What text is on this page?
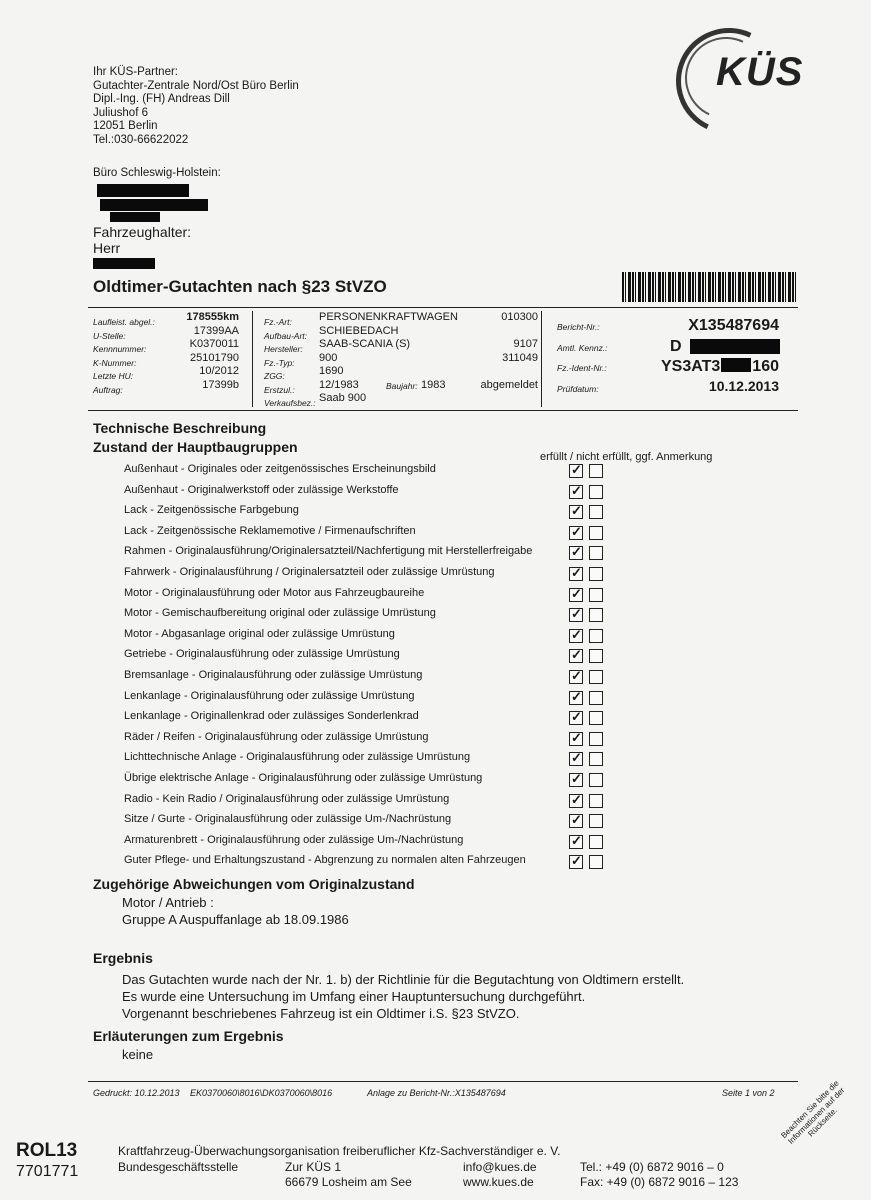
Ihr KÜS-Partner:
Gutachter-Zentrale Nord/Ost Büro Berlin
Dipl.-Ing. (FH) Andreas Dill
Juliushof 6
12051 Berlin
Tel.:030-66622022
KÜS
Büro Schleswig-Holstein:
Fahrzeughalter:
Herr
Oldtimer-Gutachten nach §23 StVZO
Laufleist. abgel.:	178555km
U-Stelle:	17399AA
Kennnummer:	K0370011
K-Nummer:	25101790
Letzte HU:	10/2012
Auftrag:	17399b
Fz.-Art: PERSONENKRAFTWAGEN	010300
Aufbau-Art: SCHIEBEDACH
Hersteller: SAAB-SCANIA (S)	9107
Fz.-Typ: 900	311049
ZGG:	1690
Erstzul.: 12/1983	Baujahr: 1983	abgemeldet
Verkaufsbez.: Saab 900
Bericht-Nr.:	X135487694
Amtl. Kennz.:	D
Fz.-Ident-Nr.:	YS3AT3 160
Prüfdatum:	10.12.2013
Technische Beschreibung
Zustand der Hauptbaugruppen
erfüllt / nicht erfüllt, ggf. Anmerkung
Außenhaut - Originales oder zeitgenössisches Erscheinungsbild
✓
Außenhaut - Originalwerkstoff oder zulässige Werkstoffe
✓
Lack - Zeitgenössische Farbgebung
✓
Lack - Zeitgenössische Reklamemotive / Firmenaufschriften
✓
Rahmen - Originalausführung/Originalersatzteil/Nachfertigung mit Herstellerfreigabe
✓
Fahrwerk - Originalausführung / Originalersatzteil oder zulässige Umrüstung
✓
Motor - Originalausführung oder Motor aus Fahrzeugbaureihe
✓
Motor - Gemischaufbereitung original oder zulässige Umrüstung
✓
Motor - Abgasanlage original oder zulässige Umrüstung
✓
Getriebe - Originalausführung oder zulässige Umrüstung
✓
Bremsanlage - Originalausführung oder zulässige Umrüstung
✓
Lenkanlage - Originalausführung oder zulässige Umrüstung
✓
Lenkanlage - Originallenkrad oder zulässiges Sonderlenkrad
✓
Räder / Reifen - Originalausführung oder zulässige Umrüstung
✓
Lichttechnische Anlage - Originalausführung oder zulässige Umrüstung
✓
Übrige elektrische Anlage - Originalausführung oder zulässige Umrüstung
✓
Radio - Kein Radio / Originalausführung oder zulässige Umrüstung
✓
Sitze / Gurte - Originalausführung oder zulässige Um-/Nachrüstung
✓
Armaturenbrett - Originalausführung oder zulässige Um-/Nachrüstung
✓
Guter Pflege- und Erhaltungszustand - Abgrenzung zu normalen alten Fahrzeugen
✓
Zugehörige Abweichungen vom Originalzustand
Motor / Antrieb :
Gruppe A Auspuffanlage ab 18.09.1986
Ergebnis
Das Gutachten wurde nach der Nr. 1. b) der Richtlinie für die Begutachtung von Oldtimern erstellt.
Es wurde eine Untersuchung im Umfang einer Hauptuntersuchung durchgeführt.
Vorgenannt beschriebenes Fahrzeug ist ein Oldtimer i.S. §23 StVZO.
Erläuterungen zum Ergebnis
keine
Gedruckt: 10.12.2013 EK0370060\8016\DK0370060\8016	Anlage zu Bericht-Nr.:X135487694	Seite 1 von 2
ROL13
7701771
Kraftfahrzeug-Überwachungsorganisation freiberuflicher Kfz-Sachverständiger e. V.
Bundesgeschäftsstelle	Zur KÜS 1
66679 Losheim am See
info@kues.de
www.kues.de
Tel.: +49 (0) 6872 9016 – 0
Fax: +49 (0) 6872 9016 – 123
Beachten Sie bitte die Informationen auf der Rückseite.
